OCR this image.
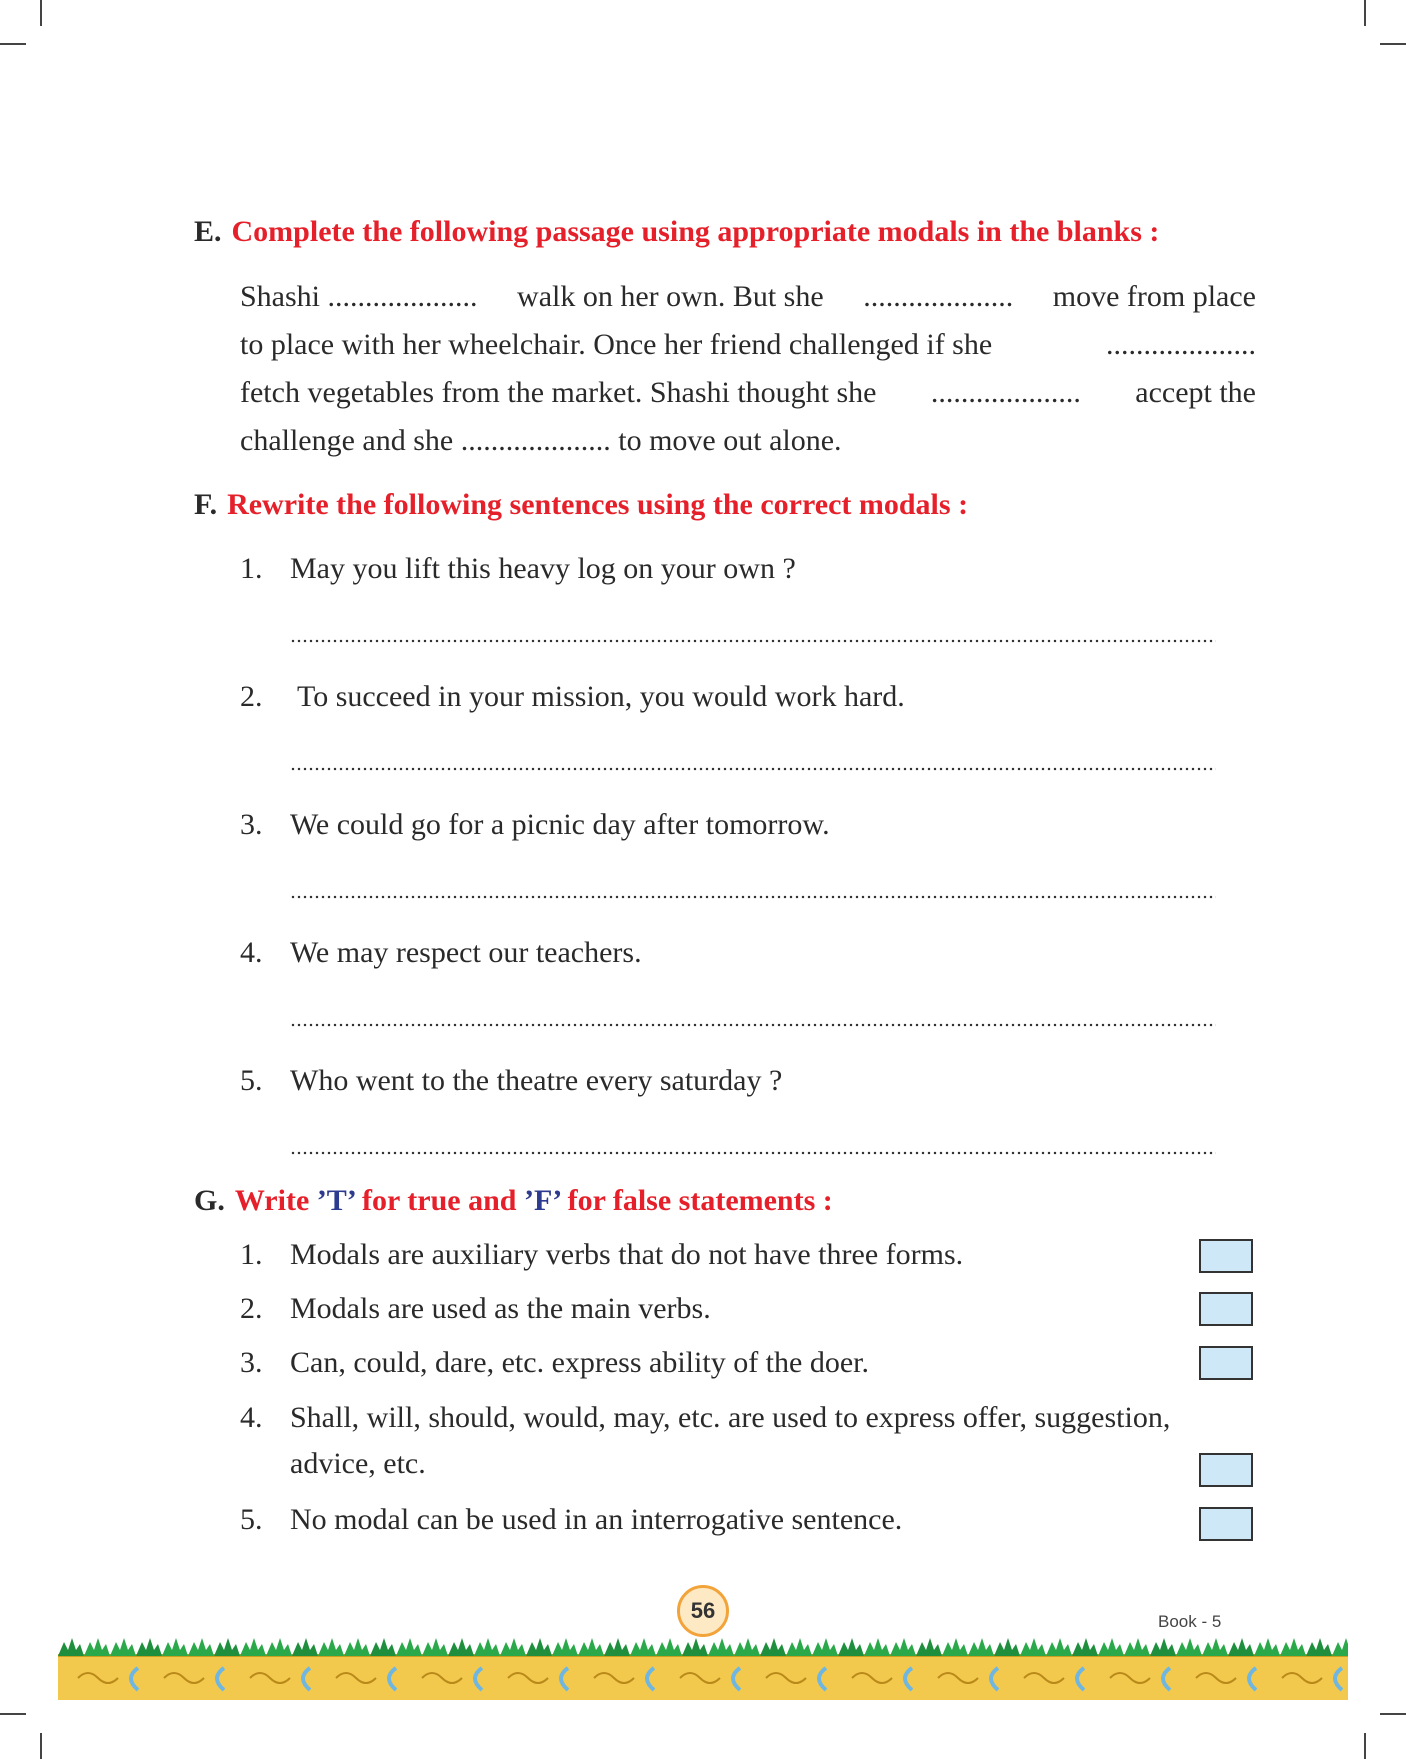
E. Complete the following passage using appropriate modals in the blanks :
Shashi .................... walk on her own. But she .................... move from place
to place with her wheelchair. Once her friend challenged if she	....................
fetch vegetables from the market. Shashi thought she .................... accept the
challenge and she .................... to move out alone.
F. Rewrite the following sentences using the correct modals :
1. May you lift this heavy log on your own ?
2. To succeed in your mission, you would work hard.
3. We could go for a picnic day after tomorrow.
4. We may respect our teachers.
5. Who went to the theatre every saturday ?
G. Write ’T’ for true and ’F’ for false statements :
1. Modals are auxiliary verbs that do not have three forms.
2. Modals are used as the main verbs.
3. Can, could, dare, etc. express ability of the doer.
4. Shall, will, should, would, may, etc. are used to express offer, suggestion,
advice, etc.
5. No modal can be used in an interrogative sentence.
56	Book - 5
